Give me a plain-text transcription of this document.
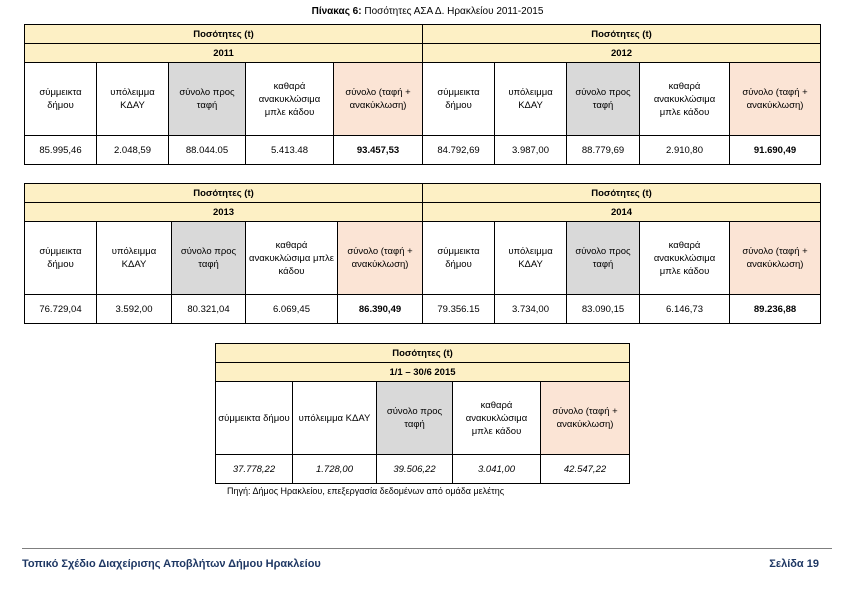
Πίνακας 6: Ποσότητες ΑΣΑ Δ. Ηρακλείου 2011-2015
Ποσότητες (t)					Ποσότητες (t)				
2011					2012				
σύμμεικτα δήμου	υπόλειμμα ΚΔΑΥ	σύνολο προς ταφή	καθαρά ανακυκλώσιμα μπλε κάδου	σύνολο (ταφή + ανακύκλωση)	σύμμεικτα δήμου	υπόλειμμα ΚΔΑΥ	σύνολο προς ταφή	καθαρά ανακυκλώσιμα μπλε κάδου	σύνολο (ταφή + ανακύκλωση)
85.995,46	2.048,59	88.044.05	5.413.48	93.457,53	84.792,69	3.987,00	88.779,69	2.910,80	91.690,49
Ποσότητες (t)					Ποσότητες (t)				
2013					2014				
σύμμεικτα δήμου	υπόλειμμα ΚΔΑΥ	σύνολο προς ταφή	καθαρά ανακυκλώσιμα μπλε κάδου	σύνολο (ταφή + ανακύκλωση)	σύμμεικτα δήμου	υπόλειμμα ΚΔΑΥ	σύνολο προς ταφή	καθαρά ανακυκλώσιμα μπλε κάδου	σύνολο (ταφή + ανακύκλωση)
76.729,04	3.592,00	80.321,04	6.069,45	86.390,49	79.356.15	3.734,00	83.090,15	6.146,73	89.236,88
Ποσότητες (t)				
1/1 – 30/6 2015				
σύμμεικτα δήμου	υπόλειμμα ΚΔΑΥ	σύνολο προς ταφή	καθαρά ανακυκλώσιμα μπλε κάδου	σύνολο (ταφή + ανακύκλωση)
37.778,22	1.728,00	39.506,22	3.041,00	42.547,22
Πηγή: Δήμος Ηρακλείου, επεξεργασία δεδομένων από ομάδα μελέτης
Τοπικό Σχέδιο Διαχείρισης Αποβλήτων Δήμου Ηρακλείου	Σελίδα 19
